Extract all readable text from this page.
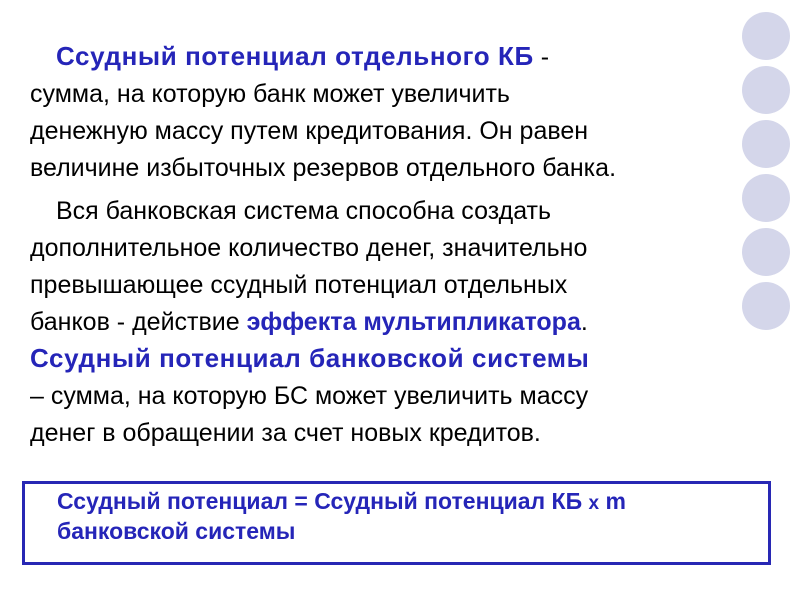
Ссудный потенциал отдельного КБ -
сумма, на которую банк может увеличить
денежную массу путем кредитования. Он равен
величине избыточных резервов отдельного банка.

Вся банковская система способна создать
дополнительное количество денег, значительно
превышающее ссудный потенциал отдельных
банков - действие эффекта мультипликатора.

Ссудный потенциал банковской системы
– сумма, на которую БС может увеличить массу
денег в обращении за счет новых кредитов.

Ссудный потенциал = Ссудный потенциал КБ x m

банковской системы
